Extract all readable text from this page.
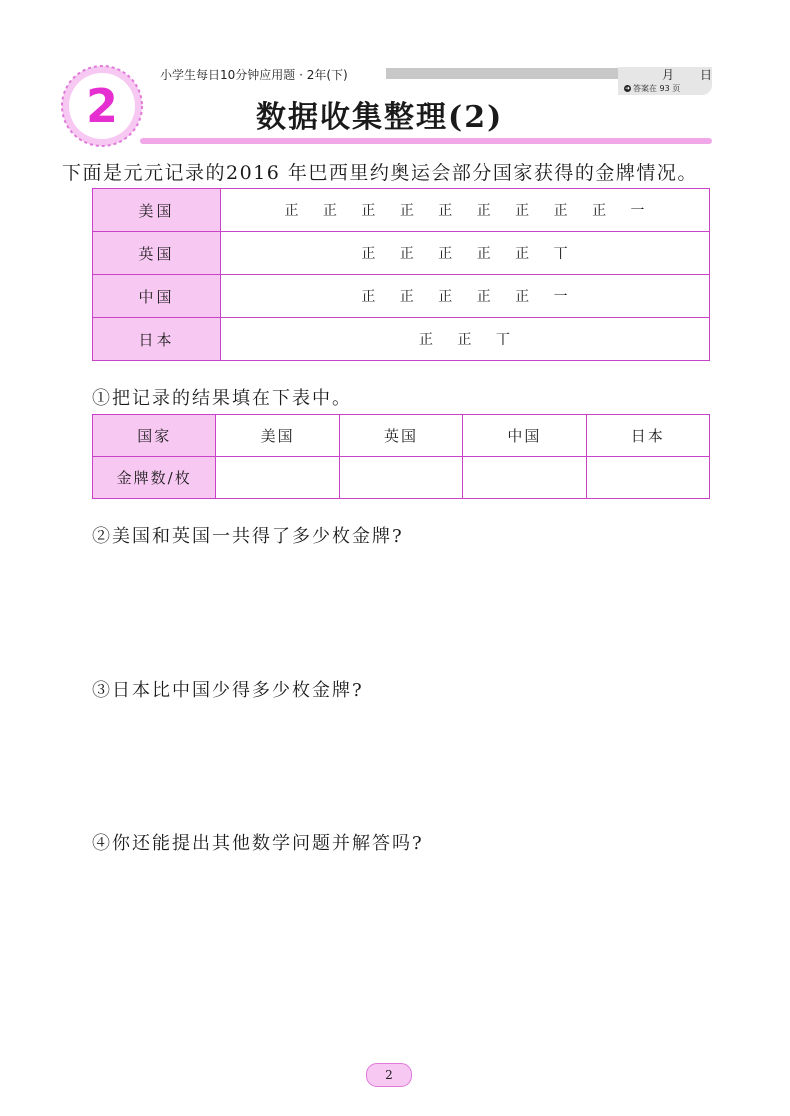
2
小学生每日10分钟应用题 · 2年(下)	月 日
➜ 答案在 93 页
数据收集整理(2)
下面是元元记录的2016 年巴西里约奥运会部分国家获得的金牌情况。
美国	正 正 正 正 正 正 正 正 正 一
英国	正 正 正 正 正 丅
中国	正 正 正 正 正 一
日本	正 正 丅
①把记录的结果填在下表中。
国家	美国	英国	中国	日本
金牌数/枚				
②美国和英国一共得了多少枚金牌?
③日本比中国少得多少枚金牌?
④你还能提出其他数学问题并解答吗?
2
